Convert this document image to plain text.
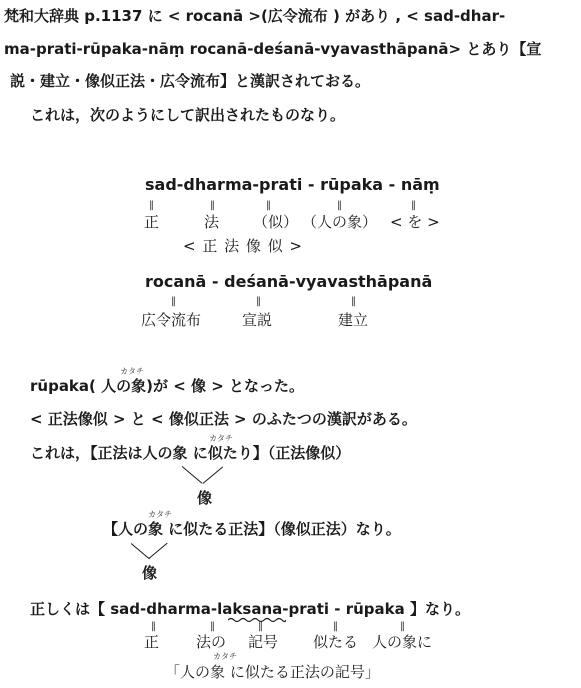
梵和大辞典 p.1137 に < rocanā >(広令流布 ) があり , < sad-dhar-
ma-prati-rūpaka-nāṃ rocanā-deśanā-vyavasthāpanā> とあり【宣
説・建立・像似正法・広令流布】と漢訳されておる。
これは，次のようにして訳出されたものなり。
sad-dharma-prati - rūpaka - nāṃ
‖	‖	‖	‖	‖
正	法 （似） （人の象） < を >
< 正 法 像 似 >
rocanā - deśanā-vyavasthāpanā
‖	‖	‖
広令流布	宣説	建立
カタチ
rūpaka( 人の象)が < 像 > となった。
< 正法像似 > と < 像似正法 > のふたつの漢訳がある。
カタチ
これは，【正法は人の象 に似たり】（正法像似）
像
カタチ
【人の象 に似たる正法】（像似正法）なり。
像
正しくは【 sad-dharma-laksana-prati - rūpaka 】なり。
‖	‖	‖	‖	‖
正 法の 記号 似たる 人の象に
カタチ
「人の象 に似たる正法の記号」
